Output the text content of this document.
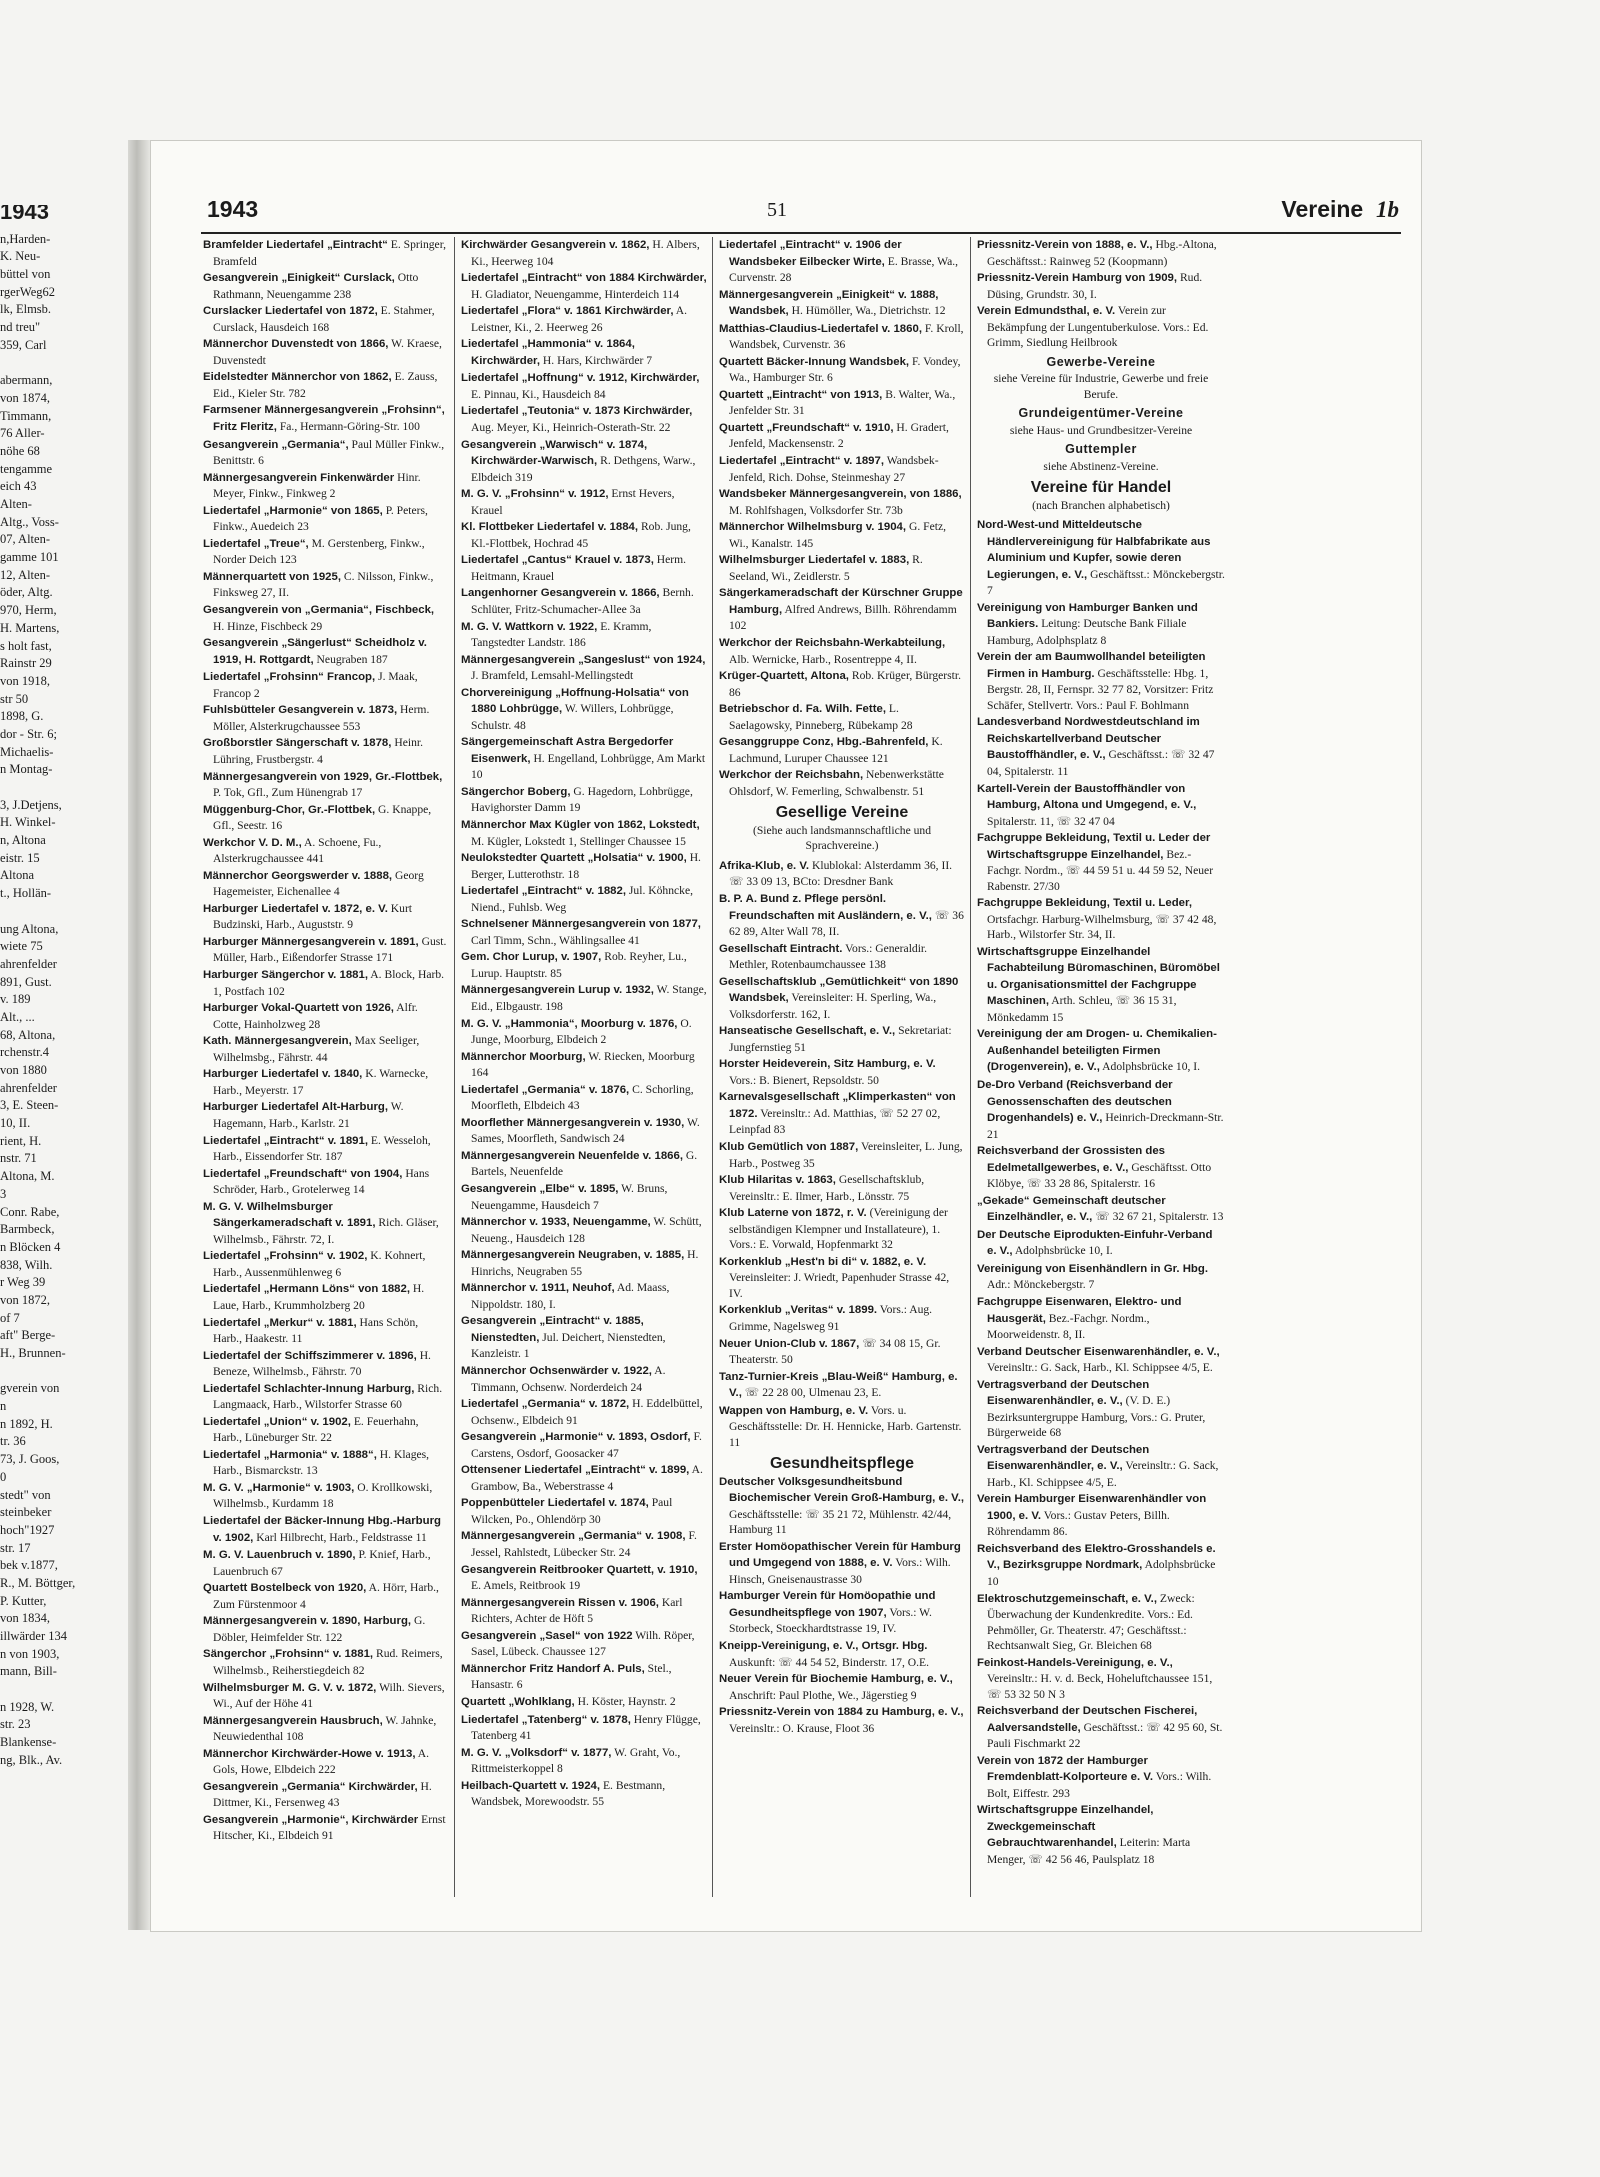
1943
n,Harden-
K. Neu-
büttel von
rgerWeg62
lk, Elmsb.
nd treu"
359, Carl
abermann,
von 1874,
Timmann,
76 Aller-
nöhe 68
tengamme
eich 43
Alten-
Altg., Voss-
07, Alten-
gamme 101
12, Alten-
öder, Altg.
970, Herm,
H. Martens,
s holt fast,
Rainstr 29
von 1918,
str 50
1898, G.
dor - Str. 6;
Michaelis-
n Montag-
3, J.Detjens,
H. Winkel-
n, Altona
eistr. 15
Altona
t., Hollän-
ung Altona,
wiete 75
ahrenfelder
891, Gust.
v. 189
Alt., ...
68, Altona,
rchenstr.4
von 1880
ahrenfelder
3, E. Steen-
10, II.
rient, H.
nstr. 71
Altona, M.
3
Conr. Rabe,
Barmbeck,
n Blöcken 4
838, Wilh.
r Weg 39
von 1872,
of 7
aft" Berge-
H., Brunnen-
gverein von
n
n 1892, H.
tr. 36
73, J. Goos,
0
stedt" von
steinbeker
hoch"1927
str. 17
bek v.1877,
R., M. Böttger,
P. Kutter,
von 1834,
illwärder 134
n von 1903,
mann, Bill-
n 1928, W.
str. 23
Blankense-
ng, Blk., Av.
1943	51	Vereine 1b
Bramfelder Liedertafel „Eintracht“ E. Springer, Bramfeld
Gesangverein „Einigkeit“ Curslack, Otto Rathmann, Neuengamme 238
Curslacker Liedertafel von 1872, E. Stahmer, Curslack, Hausdeich 168
Männerchor Duvenstedt von 1866, W. Kraese, Duvenstedt
Eidelstedter Männerchor von 1862, E. Zauss, Eid., Kieler Str. 782
Farmsener Männergesangverein „Frohsinn“, Fritz Fleritz, Fa., Hermann-Göring-Str. 100
Gesangverein „Germania“, Paul Müller Finkw., Benittstr. 6
Männergesangverein Finkenwärder Hinr. Meyer, Finkw., Finkweg 2
Liedertafel „Harmonie“ von 1865, P. Peters, Finkw., Auedeich 23
Liedertafel „Treue“, M. Gerstenberg, Finkw., Norder Deich 123
Männerquartett von 1925, C. Nilsson, Finkw., Finksweg 27, II.
Gesangverein von „Germania“, Fischbeck, H. Hinze, Fischbeck 29
Gesangverein „Sängerlust“ Scheidholz v. 1919, H. Rottgardt, Neugraben 187
Liedertafel „Frohsinn“ Francop, J. Maak, Francop 2
Fuhlsbütteler Gesangverein v. 1873, Herm. Möller, Alsterkrugchaussee 553
Großborstler Sängerschaft v. 1878, Heinr. Lühring, Frustbergstr. 4
Männergesangverein von 1929, Gr.-Flottbek, P. Tok, Gfl., Zum Hünengrab 17
Müggenburg-Chor, Gr.-Flottbek, G. Knappe, Gfl., Seestr. 16
Werkchor V. D. M., A. Schoene, Fu., Alsterkrugchaussee 441
Männerchor Georgswerder v. 1888, Georg Hagemeister, Eichenallee 4
Harburger Liedertafel v. 1872, e. V. Kurt Budzinski, Harb., Auguststr. 9
Harburger Männergesangverein v. 1891, Gust. Müller, Harb., Eißendorfer Strasse 171
Harburger Sängerchor v. 1881, A. Block, Harb. 1, Postfach 102
Harburger Vokal-Quartett von 1926, Alfr. Cotte, Hainholzweg 28
Kath. Männergesangverein, Max Seeliger, Wilhelmsbg., Fährstr. 44
Harburger Liedertafel v. 1840, K. Warnecke, Harb., Meyerstr. 17
Harburger Liedertafel Alt-Harburg, W. Hagemann, Harb., Karlstr. 21
Liedertafel „Eintracht“ v. 1891, E. Wesseloh, Harb., Eissendorfer Str. 187
Liedertafel „Freundschaft“ von 1904, Hans Schröder, Harb., Grotelerweg 14
M. G. V. Wilhelmsburger Sängerkameradschaft v. 1891, Rich. Gläser, Wilhelmsb., Fährstr. 72, I.
Liedertafel „Frohsinn“ v. 1902, K. Kohnert, Harb., Aussenmühlenweg 6
Liedertafel „Hermann Löns“ von 1882, H. Laue, Harb., Krummholzberg 20
Liedertafel „Merkur“ v. 1881, Hans Schön, Harb., Haakestr. 11
Liedertafel der Schiffszimmerer v. 1896, H. Beneze, Wilhelmsb., Fährstr. 70
Liedertafel Schlachter-Innung Harburg, Rich. Langmaack, Harb., Wilstorfer Strasse 60
Liedertafel „Union“ v. 1902, E. Feuerhahn, Harb., Lüneburger Str. 22
Liedertafel „Harmonia“ v. 1888“, H. Klages, Harb., Bismarckstr. 13
M. G. V. „Harmonie“ v. 1903, O. Krollkowski, Wilhelmsb., Kurdamm 18
Liedertafel der Bäcker-Innung Hbg.-Harburg v. 1902, Karl Hilbrecht, Harb., Feldstrasse 11
M. G. V. Lauenbruch v. 1890, P. Knief, Harb., Lauenbruch 67
Quartett Bostelbeck von 1920, A. Hörr, Harb., Zum Fürstenmoor 4
Männergesangverein v. 1890, Harburg, G. Döbler, Heimfelder Str. 122
Sängerchor „Frohsinn“ v. 1881, Rud. Reimers, Wilhelmsb., Reiherstiegdeich 82
Wilhelmsburger M. G. V. v. 1872, Wilh. Sievers, Wi., Auf der Höhe 41
Männergesangverein Hausbruch, W. Jahnke, Neuwiedenthal 108
Männerchor Kirchwärder-Howe v. 1913, A. Gols, Howe, Elbdeich 222
Gesangverein „Germania“ Kirchwärder, H. Dittmer, Ki., Fersenweg 43
Gesangverein „Harmonie“, Kirchwärder Ernst Hitscher, Ki., Elbdeich 91
Kirchwärder Gesangverein v. 1862, H. Albers, Ki., Heerweg 104
Liedertafel „Eintracht“ von 1884 Kirchwärder, H. Gladiator, Neuengamme, Hinterdeich 114
Liedertafel „Flora“ v. 1861 Kirchwärder, A. Leistner, Ki., 2. Heerweg 26
Liedertafel „Hammonia“ v. 1864, Kirchwärder, H. Hars, Kirchwärder 7
Liedertafel „Hoffnung“ v. 1912, Kirchwärder, E. Pinnau, Ki., Hausdeich 84
Liedertafel „Teutonia“ v. 1873 Kirchwärder, Aug. Meyer, Ki., Heinrich-Osterath-Str. 22
Gesangverein „Warwisch“ v. 1874, Kirchwärder-Warwisch, R. Dethgens, Warw., Elbdeich 319
M. G. V. „Frohsinn“ v. 1912, Ernst Hevers, Krauel
Kl. Flottbeker Liedertafel v. 1884, Rob. Jung, Kl.-Flottbek, Hochrad 45
Liedertafel „Cantus“ Krauel v. 1873, Herm. Heitmann, Krauel
Langenhorner Gesangverein v. 1866, Bernh. Schlüter, Fritz-Schumacher-Allee 3a
M. G. V. Wattkorn v. 1922, E. Kramm, Tangstedter Landstr. 186
Männergesangverein „Sangeslust“ von 1924, J. Bramfeld, Lemsahl-Mellingstedt
Chorvereinigung „Hoffnung-Holsatia“ von 1880 Lohbrügge, W. Willers, Lohbrügge, Schulstr. 48
Sängergemeinschaft Astra Bergedorfer Eisenwerk, H. Engelland, Lohbrügge, Am Markt 10
Sängerchor Boberg, G. Hagedorn, Lohbrügge, Havighorster Damm 19
Männerchor Max Kügler von 1862, Lokstedt, M. Kügler, Lokstedt 1, Stellinger Chaussee 15
Neulokstedter Quartett „Holsatia“ v. 1900, H. Berger, Lutterothstr. 18
Liedertafel „Eintracht“ v. 1882, Jul. Köhncke, Niend., Fuhlsb. Weg
Schnelsener Männergesangverein von 1877, Carl Timm, Schn., Wählingsallee 41
Gem. Chor Lurup, v. 1907, Rob. Reyher, Lu., Lurup. Hauptstr. 85
Männergesangverein Lurup v. 1932, W. Stange, Eid., Elbgaustr. 198
M. G. V. „Hammonia“, Moorburg v. 1876, O. Junge, Moorburg, Elbdeich 2
Männerchor Moorburg, W. Riecken, Moorburg 164
Liedertafel „Germania“ v. 1876, C. Schorling, Moorfleth, Elbdeich 43
Moorflether Männergesangverein v. 1930, W. Sames, Moorfleth, Sandwisch 24
Männergesangverein Neuenfelde v. 1866, G. Bartels, Neuenfelde
Gesangverein „Elbe“ v. 1895, W. Bruns, Neuengamme, Hausdeich 7
Männerchor v. 1933, Neuengamme, W. Schütt, Neueng., Hausdeich 128
Männergesangverein Neugraben, v. 1885, H. Hinrichs, Neugraben 55
Männerchor v. 1911, Neuhof, Ad. Maass, Nippoldstr. 180, I.
Gesangverein „Eintracht“ v. 1885, Nienstedten, Jul. Deichert, Nienstedten, Kanzleistr. 1
Männerchor Ochsenwärder v. 1922, A. Timmann, Ochsenw. Norderdeich 24
Liedertafel „Germania“ v. 1872, H. Eddelbüttel, Ochsenw., Elbdeich 91
Gesangverein „Harmonie“ v. 1893, Osdorf, F. Carstens, Osdorf, Goosacker 47
Ottensener Liedertafel „Eintracht“ v. 1899, A. Grambow, Ba., Weberstrasse 4
Poppenbütteler Liedertafel v. 1874, Paul Wilcken, Po., Ohlendörp 30
Männergesangverein „Germania“ v. 1908, F. Jessel, Rahlstedt, Lübecker Str. 24
Gesangverein Reitbrooker Quartett, v. 1910, E. Amels, Reitbrook 19
Männergesangverein Rissen v. 1906, Karl Richters, Achter de Höft 5
Gesangverein „Sasel“ von 1922 Wilh. Röper, Sasel, Lübeck. Chaussee 127
Männerchor Fritz Handorf A. Puls, Stel., Hansastr. 6
Quartett „Wohlklang, H. Köster, Haynstr. 2
Liedertafel „Tatenberg“ v. 1878, Henry Flügge, Tatenberg 41
M. G. V. „Volksdorf“ v. 1877, W. Graht, Vo., Rittmeisterkoppel 8
Heilbach-Quartett v. 1924, E. Bestmann, Wandsbek, Morewoodstr. 55
Liedertafel „Eintracht“ v. 1906 der Wandsbeker Eilbecker Wirte, E. Brasse, Wa., Curvenstr. 28
Männergesangverein „Einigkeit“ v. 1888, Wandsbek, H. Hümöller, Wa., Dietrichstr. 12
Matthias-Claudius-Liedertafel v. 1860, F. Kroll, Wandsbek, Curvenstr. 36
Quartett Bäcker-Innung Wandsbek, F. Vondey, Wa., Hamburger Str. 6
Quartett „Eintracht“ von 1913, B. Walter, Wa., Jenfelder Str. 31
Quartett „Freundschaft“ v. 1910, H. Gradert, Jenfeld, Mackensenstr. 2
Liedertafel „Eintracht“ v. 1897, Wandsbek-Jenfeld, Rich. Dohse, Steinmeshay 27
Wandsbeker Männergesangverein, von 1886, M. Rohlfshagen, Volksdorfer Str. 73b
Männerchor Wilhelmsburg v. 1904, G. Fetz, Wi., Kanalstr. 145
Wilhelmsburger Liedertafel v. 1883, R. Seeland, Wi., Zeidlerstr. 5
Sängerkameradschaft der Kürschner Gruppe Hamburg, Alfred Andrews, Billh. Röhrendamm 102
Werkchor der Reichsbahn-Werkabteilung, Alb. Wernicke, Harb., Rosentreppe 4, II.
Krüger-Quartett, Altona, Rob. Krüger, Bürgerstr. 86
Betriebschor d. Fa. Wilh. Fette, L. Saelagowsky, Pinneberg, Rübekamp 28
Gesanggruppe Conz, Hbg.-Bahrenfeld, K. Lachmund, Luruper Chaussee 121
Werkchor der Reichsbahn, Nebenwerkstätte Ohlsdorf, W. Femerling, Schwalbenstr. 51
Gesellige Vereine
(Siehe auch landsmannschaftliche und Sprachvereine.)
Afrika-Klub, e. V. Klublokal: Alsterdamm 36, II. ☏ 33 09 13, BCto: Dresdner Bank
B. P. A. Bund z. Pflege persönl. Freundschaften mit Ausländern, e. V., ☏ 36 62 89, Alter Wall 78, II.
Gesellschaft Eintracht. Vors.: Generaldir. Methler, Rotenbaumchaussee 138
Gesellschaftsklub „Gemütlichkeit“ von 1890 Wandsbek, Vereinsleiter: H. Sperling, Wa., Volksdorferstr. 162, I.
Hanseatische Gesellschaft, e. V., Sekretariat: Jungfernstieg 51
Horster Heideverein, Sitz Hamburg, e. V. Vors.: B. Bienert, Repsoldstr. 50
Karnevalsgesellschaft „Klimperkasten“ von 1872. Vereinsltr.: Ad. Matthias, ☏ 52 27 02, Leinpfad 83
Klub Gemütlich von 1887, Vereinsleiter, L. Jung, Harb., Postweg 35
Klub Hilaritas v. 1863, Gesellschaftsklub, Vereinsltr.: E. Ilmer, Harb., Lönsstr. 75
Klub Laterne von 1872, r. V. (Vereinigung der selbständigen Klempner und Installateure), 1. Vors.: E. Vorwald, Hopfenmarkt 32
Korkenklub „Hest'n bi di“ v. 1882, e. V. Vereinsleiter: J. Wriedt, Papenhuder Strasse 42, IV.
Korkenklub „Veritas“ v. 1899. Vors.: Aug. Grimme, Nagelsweg 91
Neuer Union-Club v. 1867, ☏ 34 08 15, Gr. Theaterstr. 50
Tanz-Turnier-Kreis „Blau-Weiß“ Hamburg, e. V., ☏ 22 28 00, Ulmenau 23, E.
Wappen von Hamburg, e. V. Vors. u. Geschäftsstelle: Dr. H. Hennicke, Harb. Gartenstr. 11
Gesundheitspflege
Deutscher Volksgesundheitsbund Biochemischer Verein Groß-Hamburg, e. V., Geschäftsstelle: ☏ 35 21 72, Mühlenstr. 42/44, Hamburg 11
Erster Homöopathischer Verein für Hamburg und Umgegend von 1888, e. V. Vors.: Wilh. Hinsch, Gneisenaustrasse 30
Hamburger Verein für Homöopathie und Gesundheitspflege von 1907, Vors.: W. Storbeck, Stoeckhardtstrasse 19, IV.
Kneipp-Vereinigung, e. V., Ortsgr. Hbg. Auskunft: ☏ 44 54 52, Binderstr. 17, O.E.
Neuer Verein für Biochemie Hamburg, e. V., Anschrift: Paul Plothe, We., Jägerstieg 9
Priessnitz-Verein von 1884 zu Hamburg, e. V., Vereinsltr.: O. Krause, Floot 36
Priessnitz-Verein von 1888, e. V., Hbg.-Altona, Geschäftsst.: Rainweg 52 (Koopmann)
Priessnitz-Verein Hamburg von 1909, Rud. Düsing, Grundstr. 30, I.
Verein Edmundsthal, e. V. Verein zur Bekämpfung der Lungentuberkulose. Vors.: Ed. Grimm, Siedlung Heilbrook
Gewerbe-Vereine
siehe Vereine für Industrie, Gewerbe und freie Berufe.
Grundeigentümer-Vereine
siehe Haus- und Grundbesitzer-Vereine
Guttempler
siehe Abstinenz-Vereine.
Vereine für Handel
(nach Branchen alphabetisch)
Nord-West-und Mitteldeutsche Händlervereinigung für Halbfabrikate aus Aluminium und Kupfer, sowie deren Legierungen, e. V., Geschäftsst.: Mönckebergstr. 7
Vereinigung von Hamburger Banken und Bankiers. Leitung: Deutsche Bank Filiale Hamburg, Adolphsplatz 8
Verein der am Baumwollhandel beteiligten Firmen in Hamburg. Geschäftsstelle: Hbg. 1, Bergstr. 28, II, Fernspr. 32 77 82, Vorsitzer: Fritz Schäfer, Stellvertr. Vors.: Paul F. Bohlmann
Landesverband Nordwestdeutschland im Reichskartellverband Deutscher Baustoffhändler, e. V., Geschäftsst.: ☏ 32 47 04, Spitalerstr. 11
Kartell-Verein der Baustoffhändler von Hamburg, Altona und Umgegend, e. V., Spitalerstr. 11, ☏ 32 47 04
Fachgruppe Bekleidung, Textil u. Leder der Wirtschaftsgruppe Einzelhandel, Bez.-Fachgr. Nordm., ☏ 44 59 51 u. 44 59 52, Neuer Rabenstr. 27/30
Fachgruppe Bekleidung, Textil u. Leder, Ortsfachgr. Harburg-Wilhelmsburg, ☏ 37 42 48, Harb., Wilstorfer Str. 34, II.
Wirtschaftsgruppe Einzelhandel Fachabteilung Büromaschinen, Büromöbel u. Organisationsmittel der Fachgruppe Maschinen, Arth. Schleu, ☏ 36 15 31, Mönkedamm 15
Vereinigung der am Drogen- u. Chemikalien-Außenhandel beteiligten Firmen (Drogenverein), e. V., Adolphsbrücke 10, I.
De-Dro Verband (Reichsverband der Genossenschaften des deutschen Drogenhandels) e. V., Heinrich-Dreckmann-Str. 21
Reichsverband der Grossisten des Edelmetallgewerbes, e. V., Geschäftsst. Otto Klöbye, ☏ 33 28 86, Spitalerstr. 16
„Gekade“ Gemeinschaft deutscher Einzelhändler, e. V., ☏ 32 67 21, Spitalerstr. 13
Der Deutsche Eiprodukten-Einfuhr-Verband e. V., Adolphsbrücke 10, I.
Vereinigung von Eisenhändlern in Gr. Hbg. Adr.: Mönckebergstr. 7
Fachgruppe Eisenwaren, Elektro- und Hausgerät, Bez.-Fachgr. Nordm., Moorweidenstr. 8, II.
Verband Deutscher Eisenwarenhändler, e. V., Vereinsltr.: G. Sack, Harb., Kl. Schippsee 4/5, E.
Vertragsverband der Deutschen Eisenwarenhändler, e. V., (V. D. E.) Bezirksuntergruppe Hamburg, Vors.: G. Pruter, Bürgerweide 68
Vertragsverband der Deutschen Eisenwarenhändler, e. V., Vereinsltr.: G. Sack, Harb., Kl. Schippsee 4/5, E.
Verein Hamburger Eisenwarenhändler von 1900, e. V. Vors.: Gustav Peters, Billh. Röhrendamm 86.
Reichsverband des Elektro-Grosshandels e. V., Bezirksgruppe Nordmark, Adolphsbrücke 10
Elektroschutzgemeinschaft, e. V., Zweck: Überwachung der Kundenkredite. Vors.: Ed. Pehmöller, Gr. Theaterstr. 47; Geschäftsst.: Rechtsanwalt Sieg, Gr. Bleichen 68
Feinkost-Handels-Vereinigung, e. V., Vereinsltr.: H. v. d. Beck, Hoheluftchaussee 151, ☏ 53 32 50 N 3
Reichsverband der Deutschen Fischerei, Aalversandstelle, Geschäftsst.: ☏ 42 95 60, St. Pauli Fischmarkt 22
Verein von 1872 der Hamburger Fremdenblatt-Kolporteure e. V. Vors.: Wilh. Bolt, Eiffestr. 293
Wirtschaftsgruppe Einzelhandel, Zweckgemeinschaft Gebrauchtwarenhandel, Leiterin: Marta Menger, ☏ 42 56 46, Paulsplatz 18
